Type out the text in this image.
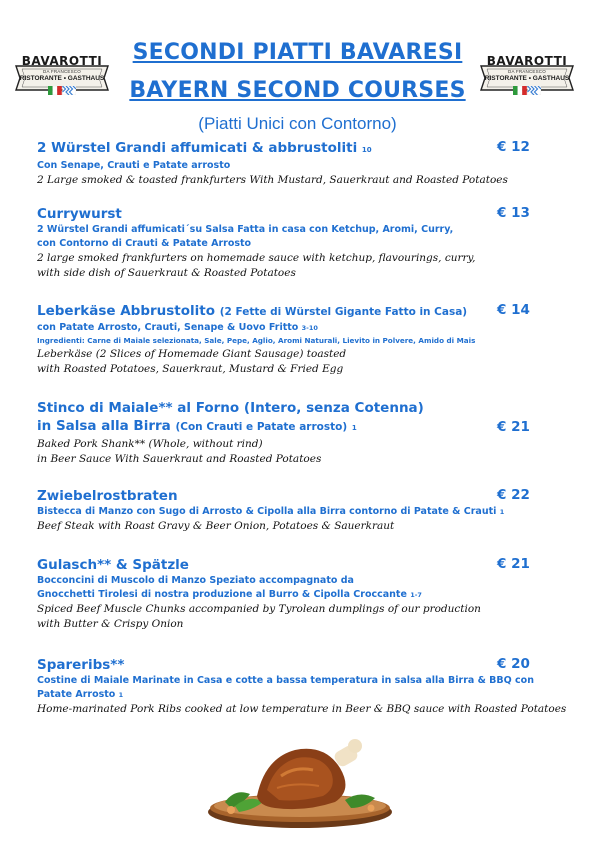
BAVAROTTI
DA FRANCESCO
RISTORANTE • GASTHAUS
BAVAROTTI
DA FRANCESCO
RISTORANTE • GASTHAUS
SECONDI PIATTI BAVARESI
BAYERN SECOND COURSES
(Piatti Unici con Contorno)
2 Würstel Grandi affumicati & abbrustoliti 10	€ 12
Con Senape, Crauti e Patate arrosto
2 Large smoked & toasted frankfurters With Mustard, Sauerkraut and Roasted Potatoes
Currywurst	€ 13
2 Würstel Grandi affumicati´su Salsa Fatta in casa con Ketchup, Aromi, Curry,
con Contorno di Crauti & Patate Arrosto
2 large smoked frankfurters on homemade sauce with ketchup, flavourings, curry,
with side dish of Sauerkraut & Roasted Potatoes
Leberkäse Abbrustolito (2 Fette di Würstel Gigante Fatto in Casa)	€ 14
con Patate Arrosto, Crauti, Senape & Uovo Fritto 3-10
Ingredienti: Carne di Maiale selezionata, Sale, Pepe, Aglio, Aromi Naturali, Lievito in Polvere, Amido di Mais
Leberkäse (2 Slices of Homemade Giant Sausage) toasted
with Roasted Potatoes, Sauerkraut, Mustard & Fried Egg
Stinco di Maiale** al Forno (Intero, senza Cotenna)
in Salsa alla Birra (Con Crauti e Patate arrosto) 1	€ 21
Baked Pork Shank** (Whole, without rind)
in Beer Sauce With Sauerkraut and Roasted Potatoes
Zwiebelrostbraten	€ 22
Bistecca di Manzo con Sugo di Arrosto & Cipolla alla Birra contorno di Patate & Crauti 1
Beef Steak with Roast Gravy & Beer Onion, Potatoes & Sauerkraut
Gulasch** & Spätzle	€ 21
Bocconcini di Muscolo di Manzo Speziato accompagnato da
Gnocchetti Tirolesi di nostra produzione al Burro & Cipolla Croccante 1-7
Spiced Beef Muscle Chunks accompanied by Tyrolean dumplings of our production
with Butter & Crispy Onion
Spareribs**	€ 20
Costine di Maiale Marinate in Casa e cotte a bassa temperatura in salsa alla Birra & BBQ con
Patate Arrosto 1
Home-marinated Pork Ribs cooked at low temperature in Beer & BBQ sauce with Roasted Potatoes
